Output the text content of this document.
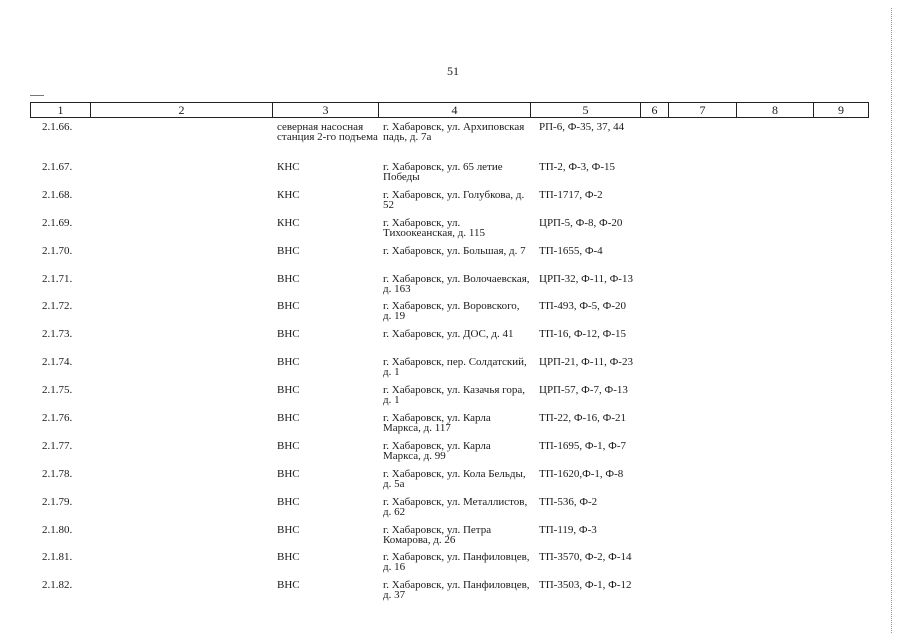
51
1	2	3	4	5	6	7	8	9
2.1.66.		северная насосная станция 2-го подъема	г. Хабаровск, ул. Архиповская падь, д. 7а	РП-6, Ф-35, 37, 44				

2.1.67.		КНС	г. Хабаровск, ул. 65 летие Победы	ТП-2, Ф-3, Ф-15				

2.1.68.		КНС	г. Хабаровск, ул. Голубкова, д. 52	ТП-1717, Ф-2				

2.1.69.		КНС	г. Хабаровск, ул. Тихоокеанская, д. 115	ЦРП-5, Ф-8, Ф-20				

2.1.70.		ВНС	г. Хабаровск, ул. Большая, д. 7	ТП-1655, Ф-4				

2.1.71.		ВНС	г. Хабаровск, ул. Волочаевская, д. 163	ЦРП-32, Ф-11, Ф-13				

2.1.72.		ВНС	г. Хабаровск, ул. Воровского, д. 19	ТП-493, Ф-5, Ф-20				

2.1.73.		ВНС	г. Хабаровск, ул. ДОС, д. 41	ТП-16, Ф-12, Ф-15				

2.1.74.		ВНС	г. Хабаровск, пер. Солдатский, д. 1	ЦРП-21, Ф-11, Ф-23				

2.1.75.		ВНС	г. Хабаровск, ул. Казачья гора, д. 1	ЦРП-57, Ф-7, Ф-13				

2.1.76.		ВНС	г. Хабаровск, ул. Карла Маркса, д. 117	ТП-22, Ф-16, Ф-21				

2.1.77.		ВНС	г. Хабаровск, ул. Карла Маркса, д. 99	ТП-1695, Ф-1, Ф-7				

2.1.78.		ВНС	г. Хабаровск, ул. Кола Бельды, д. 5а	ТП-1620,Ф-1, Ф-8				

2.1.79.		ВНС	г. Хабаровск, ул. Металлистов, д. 62	ТП-536, Ф-2				

2.1.80.		ВНС	г. Хабаровск, ул. Петра Комарова, д. 26	ТП-119, Ф-3				

2.1.81.		ВНС	г. Хабаровск, ул. Панфиловцев, д. 16	ТП-3570, Ф-2, Ф-14				

2.1.82.		ВНС	г. Хабаровск, ул. Панфиловцев, д. 37	ТП-3503, Ф-1, Ф-12				
